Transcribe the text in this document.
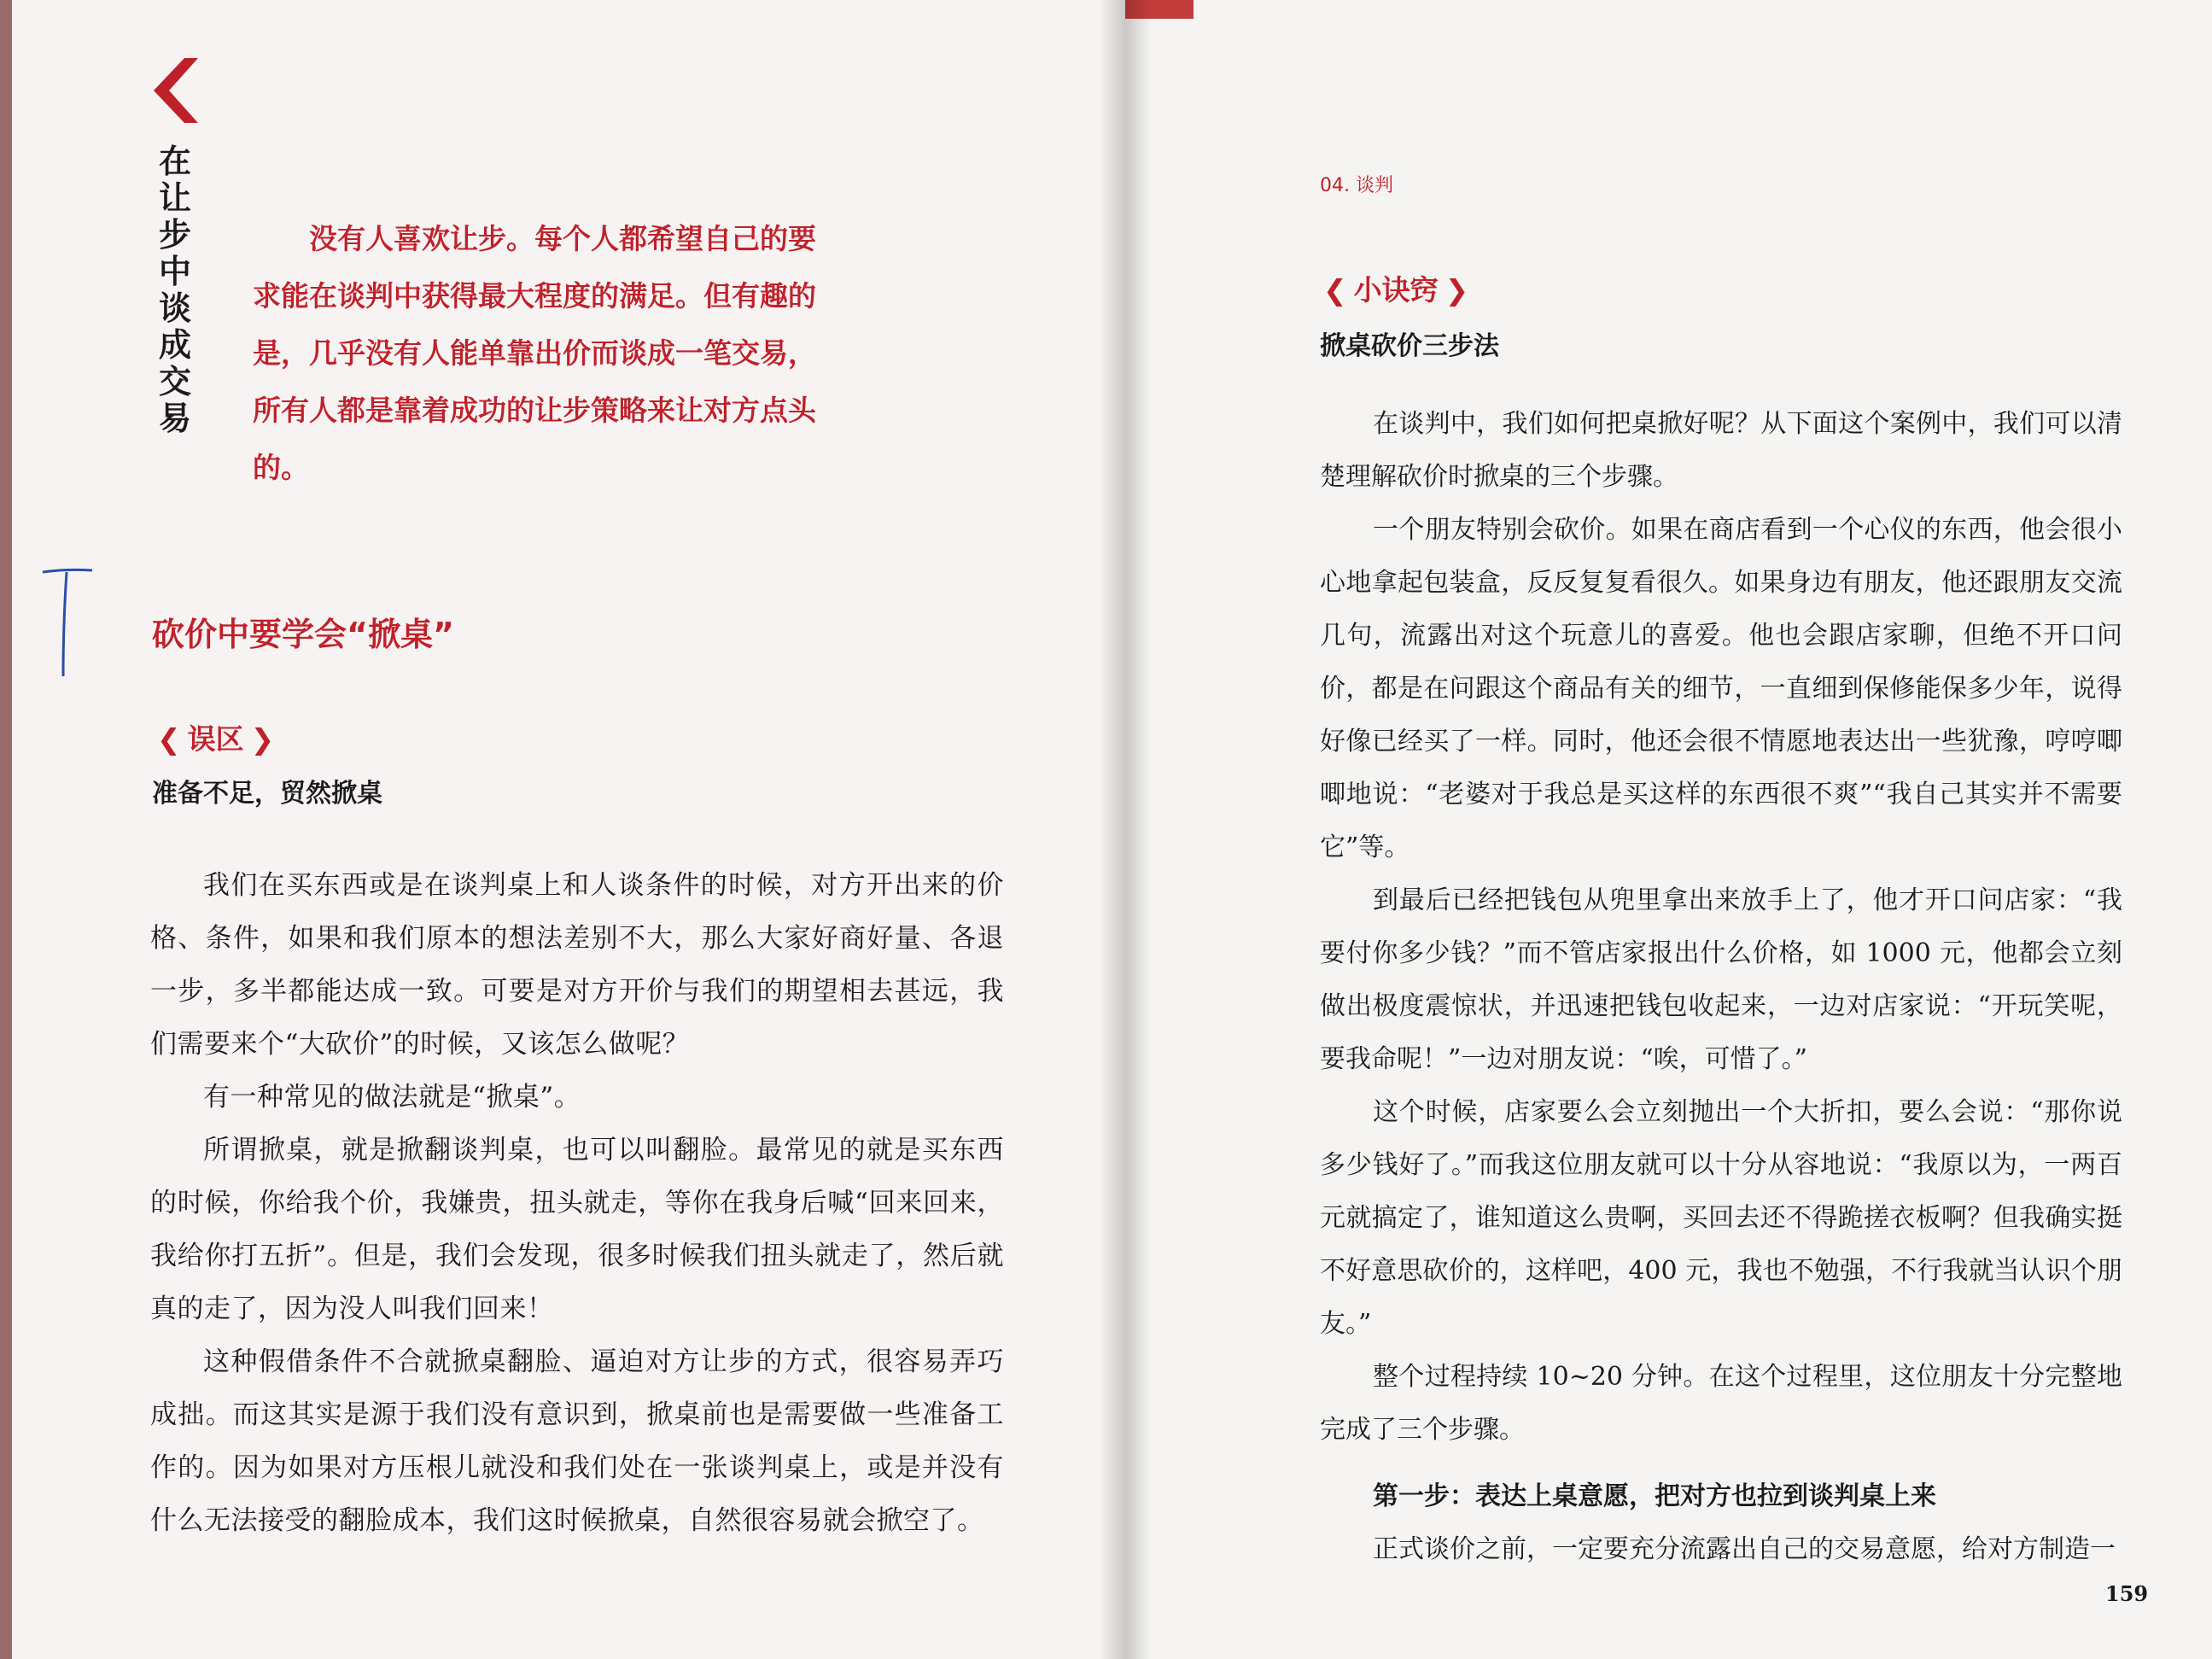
在让步中谈成交易
没有人喜欢让步。每个人都希望自己的要求能在谈判中获得最大程度的满足。但有趣的是，几乎没有人能单靠出价而谈成一笔交易，所有人都是靠着成功的让步策略来让对方点头的。
砍价中要学会“掀桌”
❮ 误区 ❯
准备不足，贸然掀桌

我们在买东西或是在谈判桌上和人谈条件的时候，对方开出来的价格、条件，如果和我们原本的想法差别不大，那么大家好商好量、各退一步，多半都能达成一致。可要是对方开价与我们的期望相去甚远，我们需要来个“大砍价”的时候，又该怎么做呢？

有一种常见的做法就是“掀桌”。

所谓掀桌，就是掀翻谈判桌，也可以叫翻脸。最常见的就是买东西的时候，你给我个价，我嫌贵，扭头就走，等你在我身后喊“回来回来，我给你打五折”。但是，我们会发现，很多时候我们扭头就走了，然后就真的走了，因为没人叫我们回来！

这种假借条件不合就掀桌翻脸、逼迫对方让步的方式，很容易弄巧成拙。而这其实是源于我们没有意识到，掀桌前也是需要做一些准备工作的。因为如果对方压根儿就没和我们处在一张谈判桌上，或是并没有什么无法接受的翻脸成本，我们这时候掀桌，自然很容易就会掀空了。

04. 谈判
❮ 小诀窍 ❯
掀桌砍价三步法

在谈判中，我们如何把桌掀好呢？从下面这个案例中，我们可以清楚理解砍价时掀桌的三个步骤。

一个朋友特别会砍价。如果在商店看到一个心仪的东西，他会很小心地拿起包装盒，反反复复看很久。如果身边有朋友，他还跟朋友交流几句，流露出对这个玩意儿的喜爱。他也会跟店家聊，但绝不开口问价，都是在问跟这个商品有关的细节，一直细到保修能保多少年，说得好像已经买了一样。同时，他还会很不情愿地表达出一些犹豫，哼哼唧唧地说：“老婆对于我总是买这样的东西很不爽”“我自己其实并不需要它”等。

到最后已经把钱包从兜里拿出来放手上了，他才开口问店家：“我要付你多少钱？”而不管店家报出什么价格，如 1000 元，他都会立刻做出极度震惊状，并迅速把钱包收起来，一边对店家说：“开玩笑呢，要我命呢！”一边对朋友说：“唉，可惜了。”

这个时候，店家要么会立刻抛出一个大折扣，要么会说：“那你说多少钱好了。”而我这位朋友就可以十分从容地说：“我原以为，一两百元就搞定了，谁知道这么贵啊，买回去还不得跪搓衣板啊？但我确实挺不好意思砍价的，这样吧，400 元，我也不勉强，不行我就当认识个朋友。”

整个过程持续 10~20 分钟。在这个过程里，这位朋友十分完整地完成了三个步骤。

第一步：表达上桌意愿，把对方也拉到谈判桌上来

正式谈价之前，一定要充分流露出自己的交易意愿，给对方制造一

159
